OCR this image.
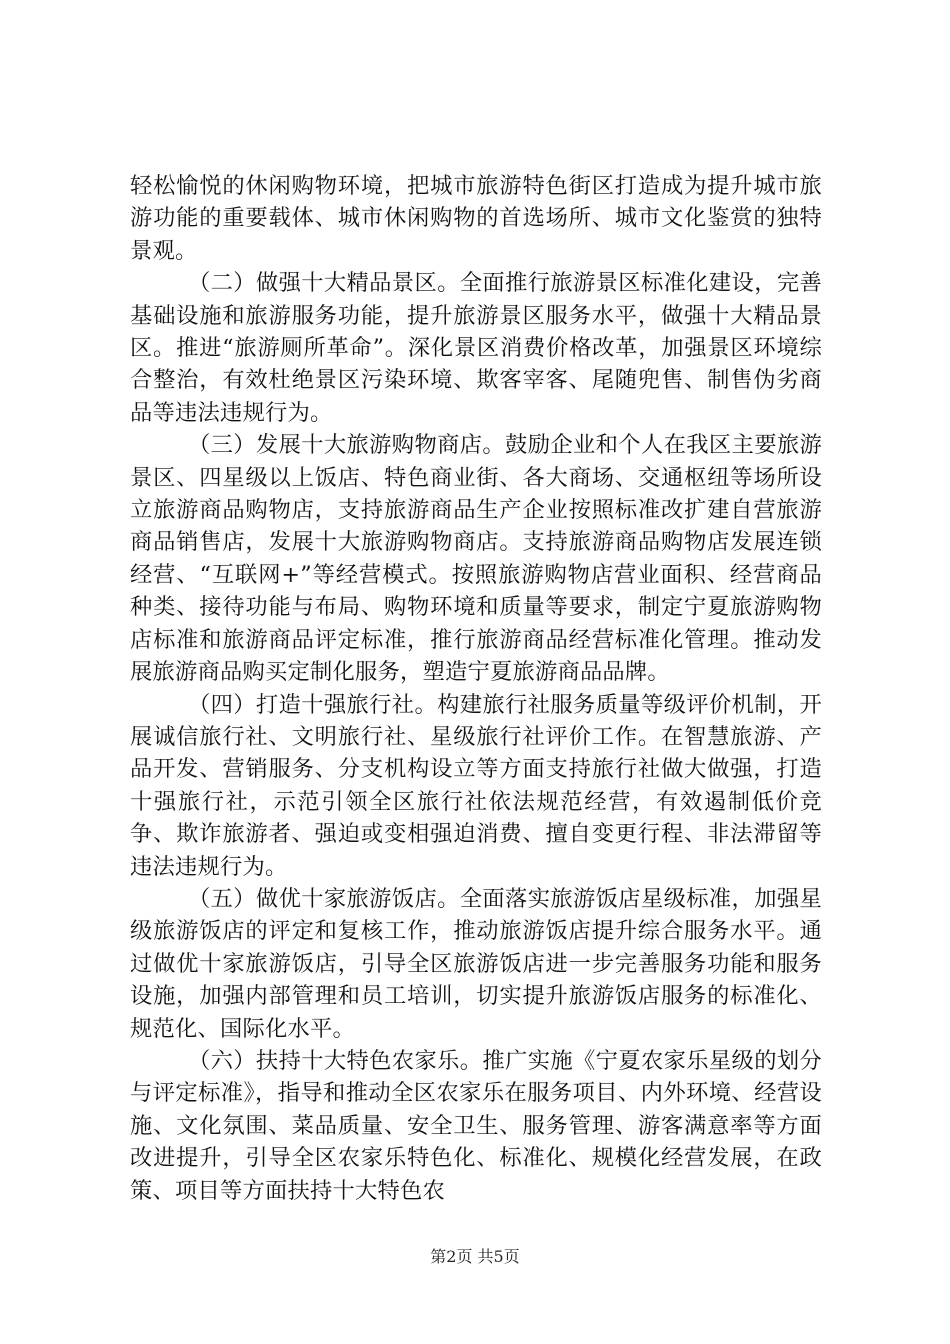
轻松愉悦的休闲购物环境，把城市旅游特色街区打造成为提升城市旅游功能的重要载体、城市休闲购物的首选场所、城市文化鉴赏的独特景观。

（二）做强十大精品景区。全面推行旅游景区标准化建设，完善基础设施和旅游服务功能，提升旅游景区服务水平，做强十大精品景区。推进“旅游厕所革命”。深化景区消费价格改革，加强景区环境综合整治，有效杜绝景区污染环境、欺客宰客、尾随兜售、制售伪劣商品等违法违规行为。

（三）发展十大旅游购物商店。鼓励企业和个人在我区主要旅游景区、四星级以上饭店、特色商业街、各大商场、交通枢纽等场所设立旅游商品购物店，支持旅游商品生产企业按照标准改扩建自营旅游商品销售店，发展十大旅游购物商店。支持旅游商品购物店发展连锁经营、“互联网+”等经营模式。按照旅游购物店营业面积、经营商品种类、接待功能与布局、购物环境和质量等要求，制定宁夏旅游购物店标准和旅游商品评定标准，推行旅游商品经营标准化管理。推动发展旅游商品购买定制化服务，塑造宁夏旅游商品品牌。

（四）打造十强旅行社。构建旅行社服务质量等级评价机制，开展诚信旅行社、文明旅行社、星级旅行社评价工作。在智慧旅游、产品开发、营销服务、分支机构设立等方面支持旅行社做大做强，打造十强旅行社，示范引领全区旅行社依法规范经营，有效遏制低价竞争、欺诈旅游者、强迫或变相强迫消费、擅自变更行程、非法滞留等违法违规行为。

（五）做优十家旅游饭店。全面落实旅游饭店星级标准，加强星级旅游饭店的评定和复核工作，推动旅游饭店提升综合服务水平。通过做优十家旅游饭店，引导全区旅游饭店进一步完善服务功能和服务设施，加强内部管理和员工培训，切实提升旅游饭店服务的标准化、规范化、国际化水平。

（六）扶持十大特色农家乐。推广实施《宁夏农家乐星级的划分与评定标准》，指导和推动全区农家乐在服务项目、内外环境、经营设施、文化氛围、菜品质量、安全卫生、服务管理、游客满意率等方面改进提升，引导全区农家乐特色化、标准化、规模化经营发展，在政策、项目等方面扶持十大特色农

第2页 共5页
